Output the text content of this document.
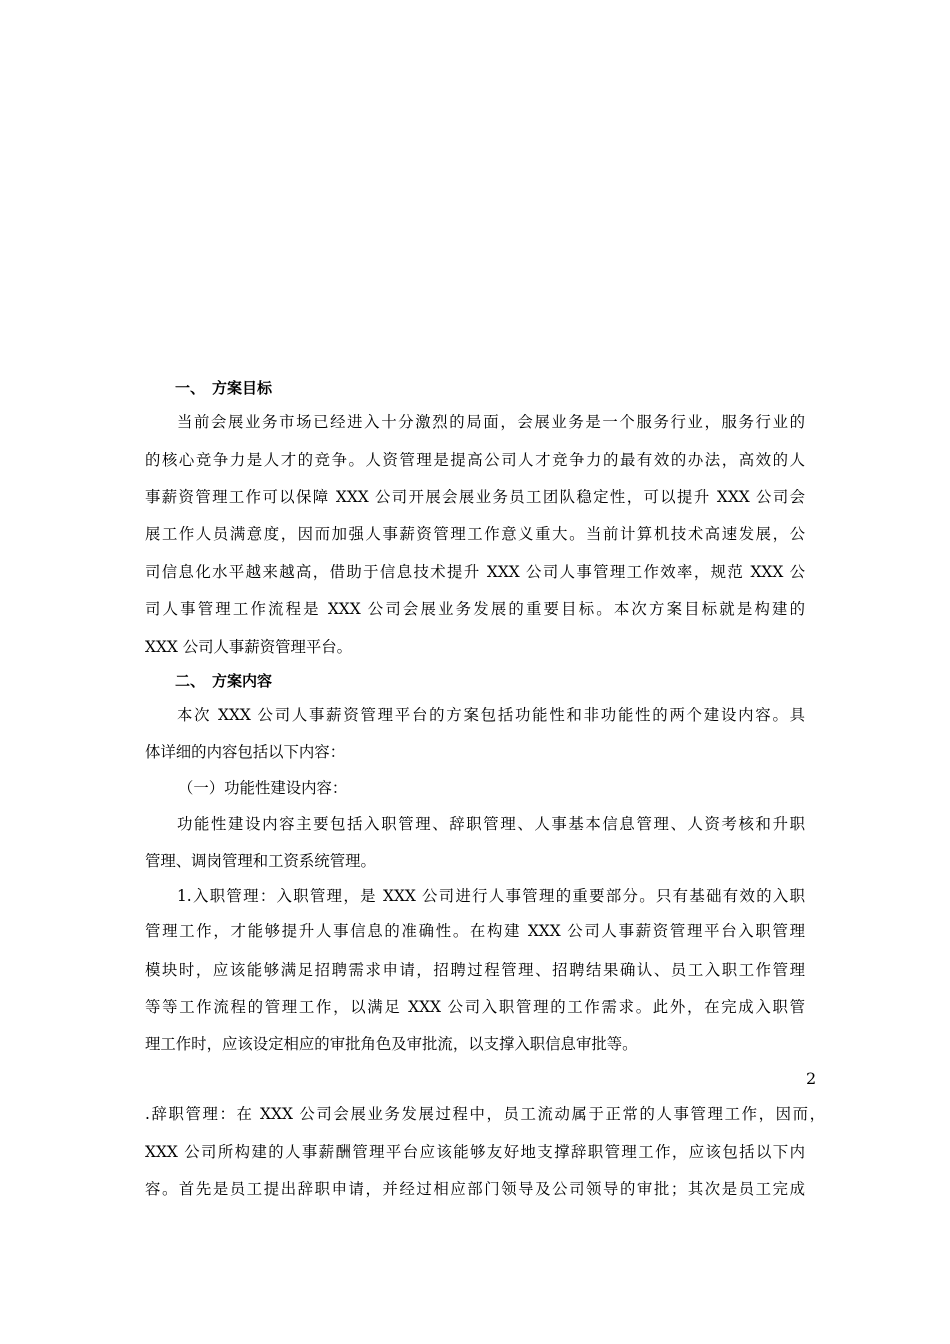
一、 方案目标
当前会展业务市场已经进入十分激烈的局面，会展业务是一个服务行业，服务行业的
的核心竞争力是人才的竞争。人资管理是提高公司人才竞争力的最有效的办法，高效的人
事薪资管理工作可以保障 XXX 公司开展会展业务员工团队稳定性，可以提升 XXX 公司会
展工作人员满意度，因而加强人事薪资管理工作意义重大。当前计算机技术高速发展，公
司信息化水平越来越高，借助于信息技术提升 XXX 公司人事管理工作效率，规范 XXX 公
司人事管理工作流程是 XXX 公司会展业务发展的重要目标。本次方案目标就是构建的
XXX 公司人事薪资管理平台。
二、 方案内容
本次 XXX 公司人事薪资管理平台的方案包括功能性和非功能性的两个建设内容。具
体详细的内容包括以下内容：
（一）功能性建设内容：
功能性建设内容主要包括入职管理、辞职管理、人事基本信息管理、人资考核和升职
管理、调岗管理和工资系统管理。
1.入职管理：入职管理，是 XXX 公司进行人事管理的重要部分。只有基础有效的入职
管理工作，才能够提升人事信息的准确性。在构建 XXX 公司人事薪资管理平台入职管理
模块时，应该能够满足招聘需求申请，招聘过程管理、招聘结果确认、员工入职工作管理
等等工作流程的管理工作，以满足 XXX 公司入职管理的工作需求。此外，在完成入职管
理工作时，应该设定相应的审批角色及审批流，以支撑入职信息审批等。
2
.辞职管理：在 XXX 公司会展业务发展过程中，员工流动属于正常的人事管理工作，因而，
XXX 公司所构建的人事薪酬管理平台应该能够友好地支撑辞职管理工作，应该包括以下内
容。首先是员工提出辞职申请，并经过相应部门领导及公司领导的审批；其次是员工完成
